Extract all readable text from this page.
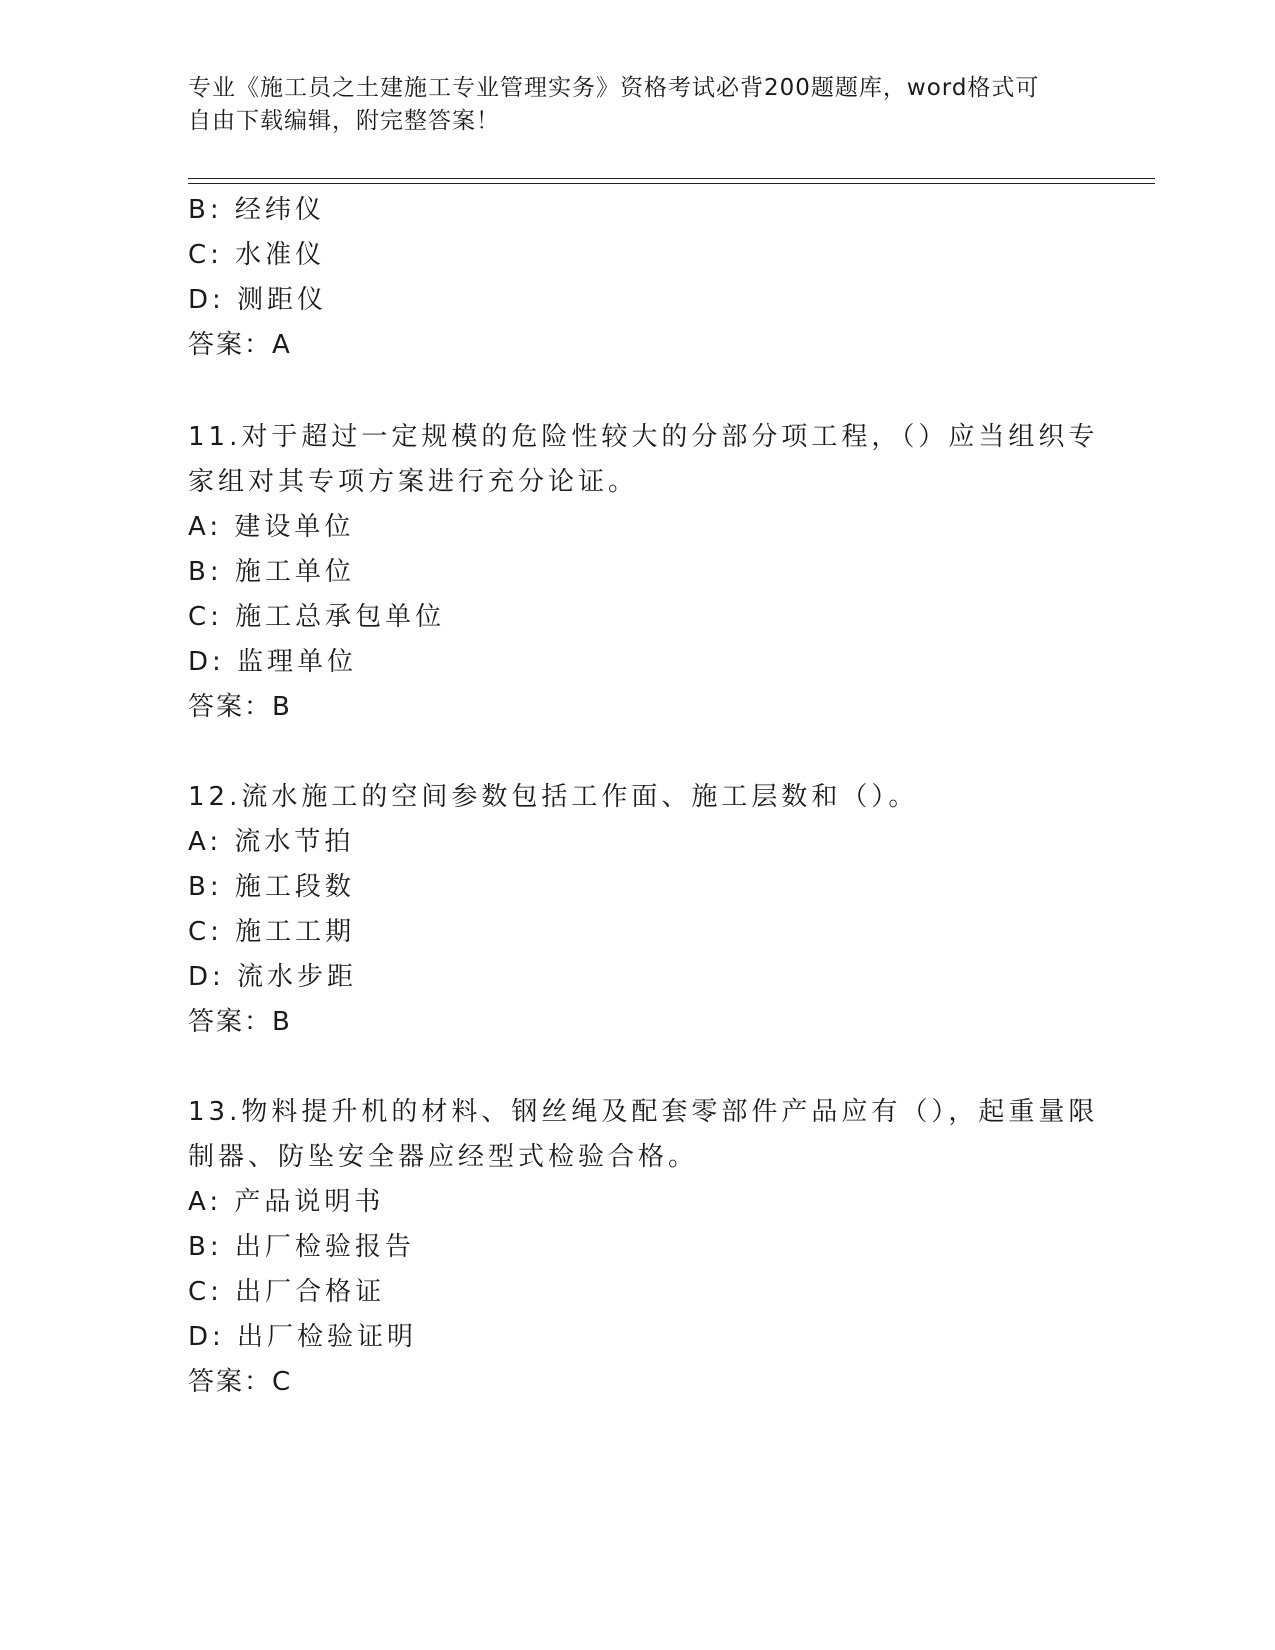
专业《施工员之土建施工专业管理实务》资格考试必背200题题库，word格式可
自由下载编辑，附完整答案！
B: 经纬仪
C: 水准仪
D: 测距仪
答案：A
11.对于超过一定规模的危险性较大的分部分项工程，（）应当组织专
家组对其专项方案进行充分论证。
A: 建设单位
B: 施工单位
C: 施工总承包单位
D: 监理单位
答案：B
12.流水施工的空间参数包括工作面、施工层数和（）。
A: 流水节拍
B: 施工段数
C: 施工工期
D: 流水步距
答案：B
13.物料提升机的材料、钢丝绳及配套零部件产品应有（），起重量限
制器、防坠安全器应经型式检验合格。
A: 产品说明书
B: 出厂检验报告
C: 出厂合格证
D: 出厂检验证明
答案：C
